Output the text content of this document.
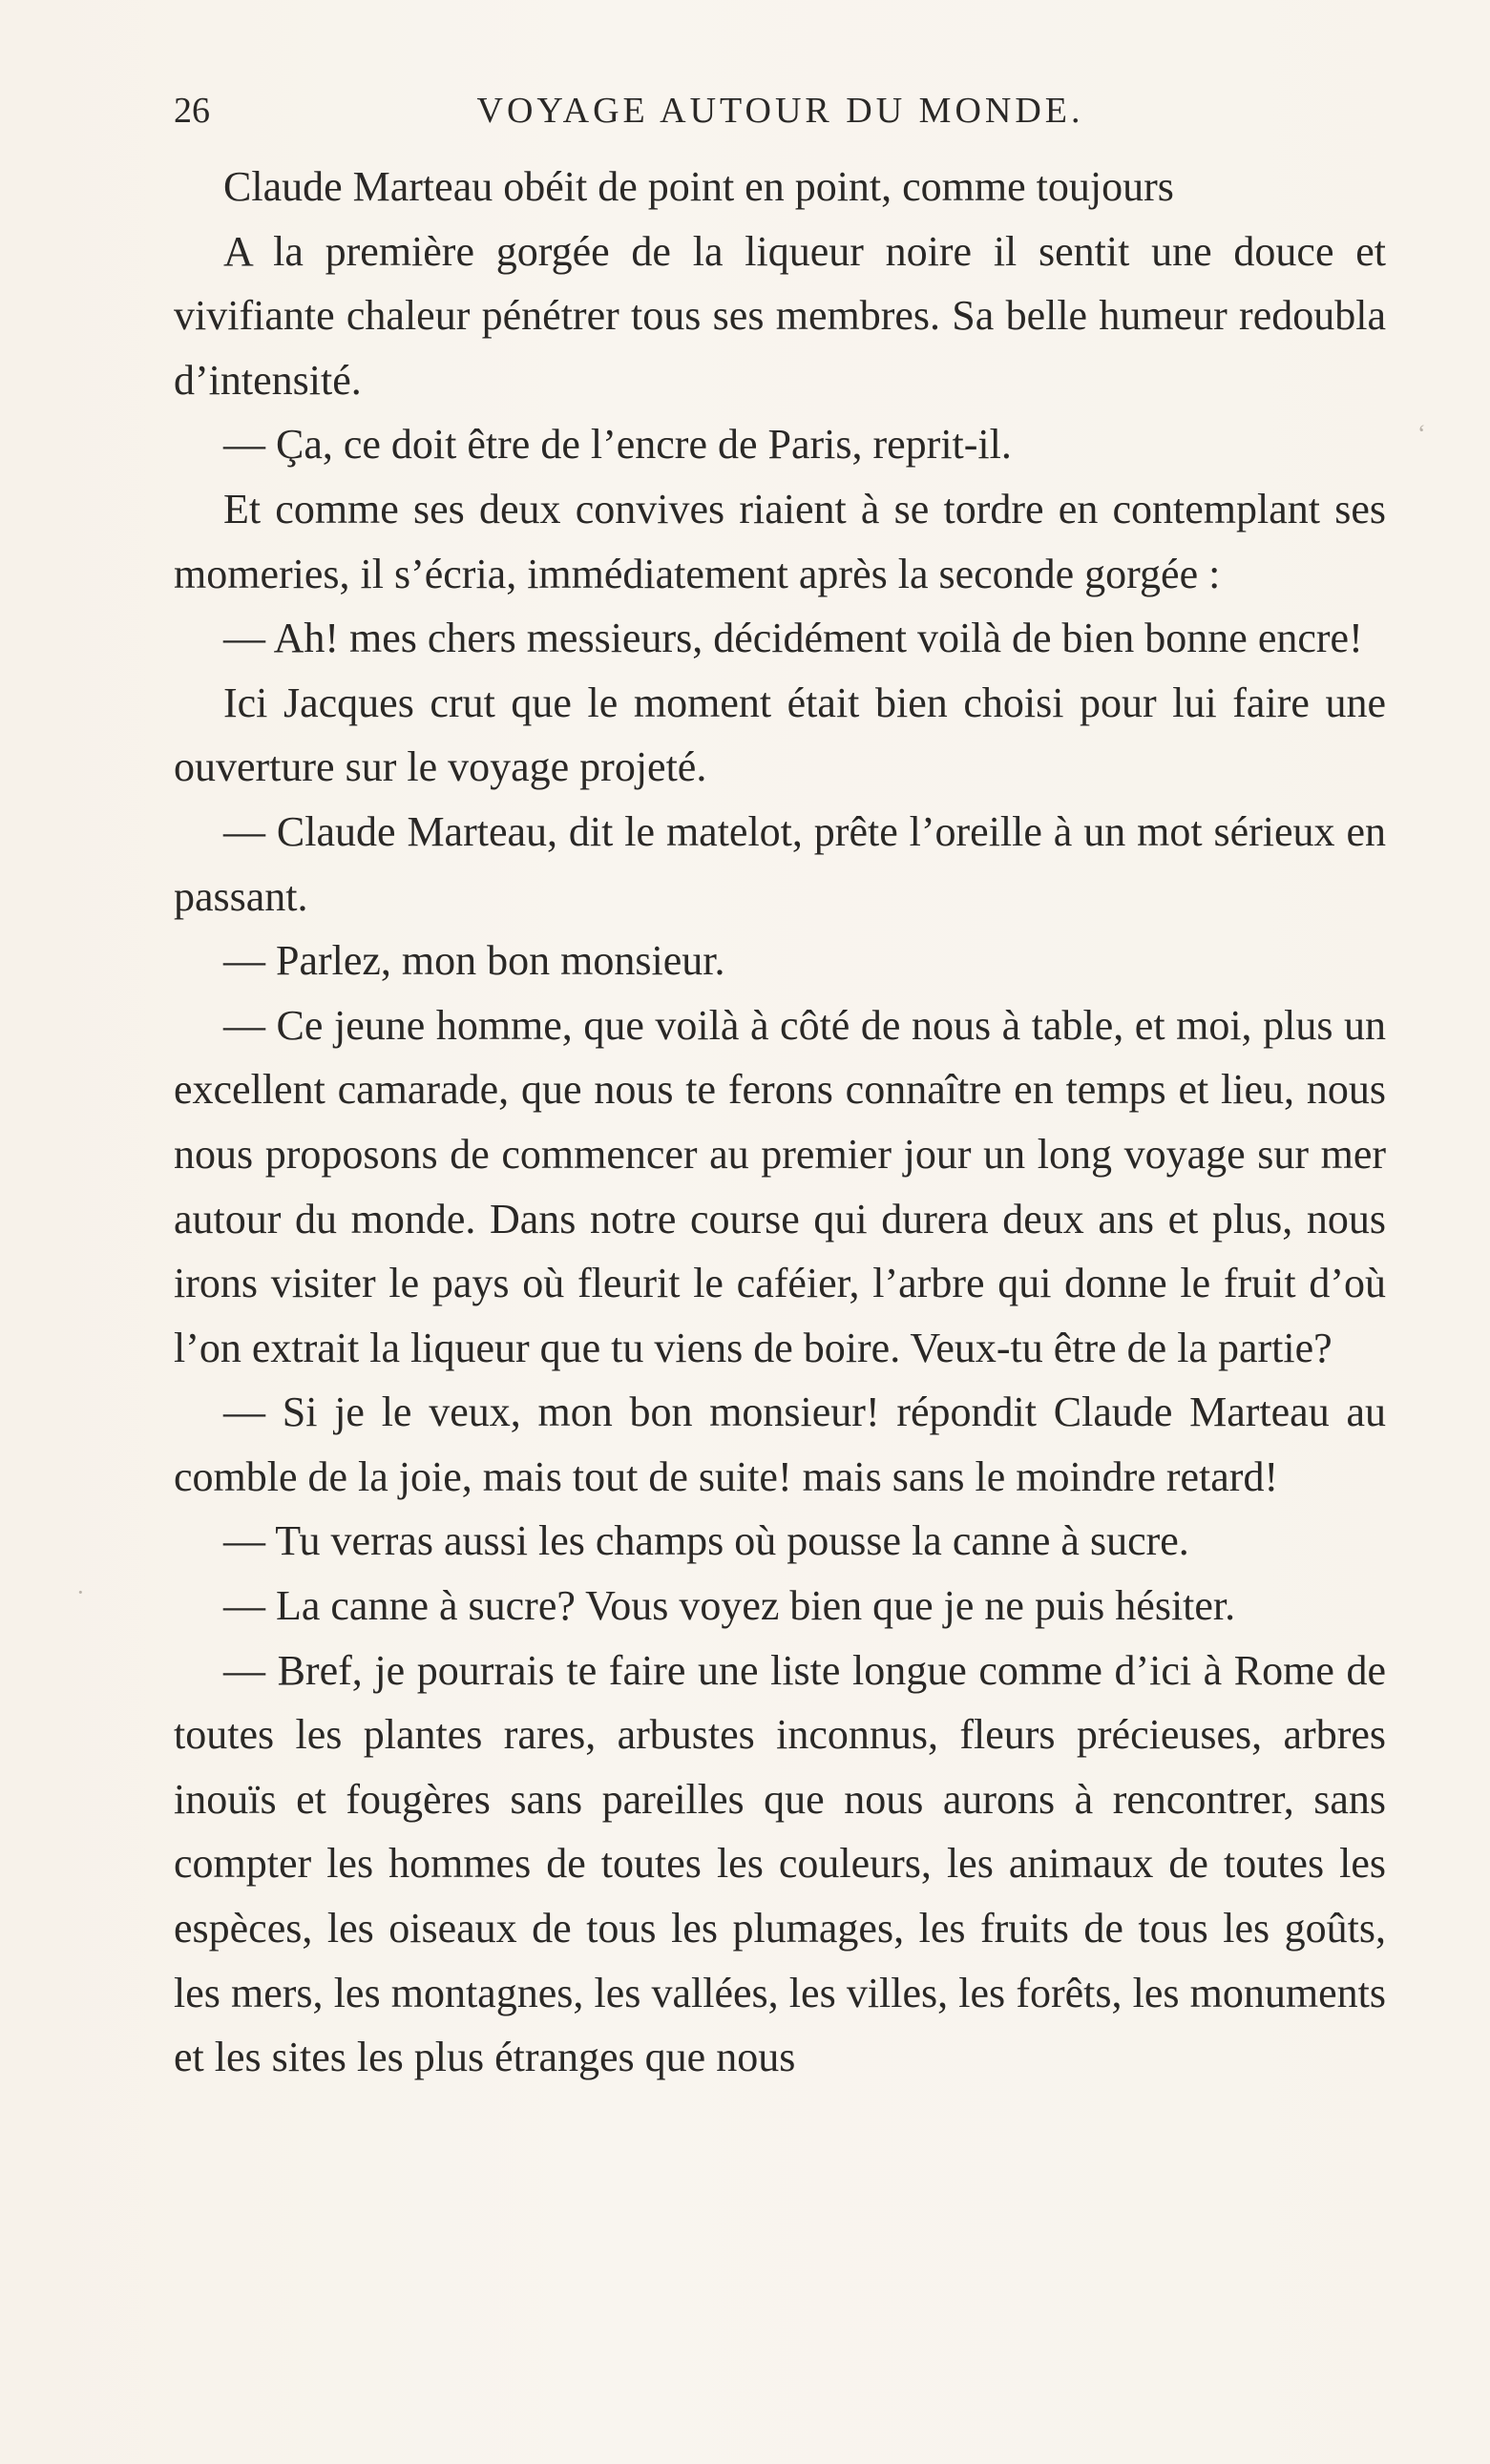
26	VOYAGE AUTOUR DU MONDE.

Claude Marteau obéit de point en point, comme toujours

A la première gorgée de la liqueur noire il sentit une douce et vivifiante chaleur pénétrer tous ses membres. Sa belle humeur redoubla d’intensité.

— Ça, ce doit être de l’encre de Paris, reprit-il.

Et comme ses deux convives riaient à se tordre en contemplant ses momeries, il s’écria, immédiatement après la seconde gorgée :

— Ah! mes chers messieurs, décidément voilà de bien bonne encre!

Ici Jacques crut que le moment était bien choisi pour lui faire une ouverture sur le voyage projeté.

— Claude Marteau, dit le matelot, prête l’oreille à un mot sérieux en passant.

— Parlez, mon bon monsieur.

— Ce jeune homme, que voilà à côté de nous à table, et moi, plus un excellent camarade, que nous te ferons connaître en temps et lieu, nous nous proposons de commencer au premier jour un long voyage sur mer autour du monde. Dans notre course qui durera deux ans et plus, nous irons visiter le pays où fleurit le caféier, l’arbre qui donne le fruit d’où l’on extrait la liqueur que tu viens de boire. Veux-tu être de la partie?

— Si je le veux, mon bon monsieur! répondit Claude Marteau au comble de la joie, mais tout de suite! mais sans le moindre retard!

— Tu verras aussi les champs où pousse la canne à sucre.

— La canne à sucre? Vous voyez bien que je ne puis hésiter.

— Bref, je pourrais te faire une liste longue comme d’ici à Rome de toutes les plantes rares, arbustes inconnus, fleurs précieuses, arbres inouïs et fougères sans pareilles que nous aurons à rencontrer, sans compter les hommes de toutes les couleurs, les animaux de toutes les espèces, les oiseaux de tous les plumages, les fruits de tous les goûts, les mers, les montagnes, les vallées, les villes, les forêts, les monuments et les sites les plus étranges que nous

‘
·
